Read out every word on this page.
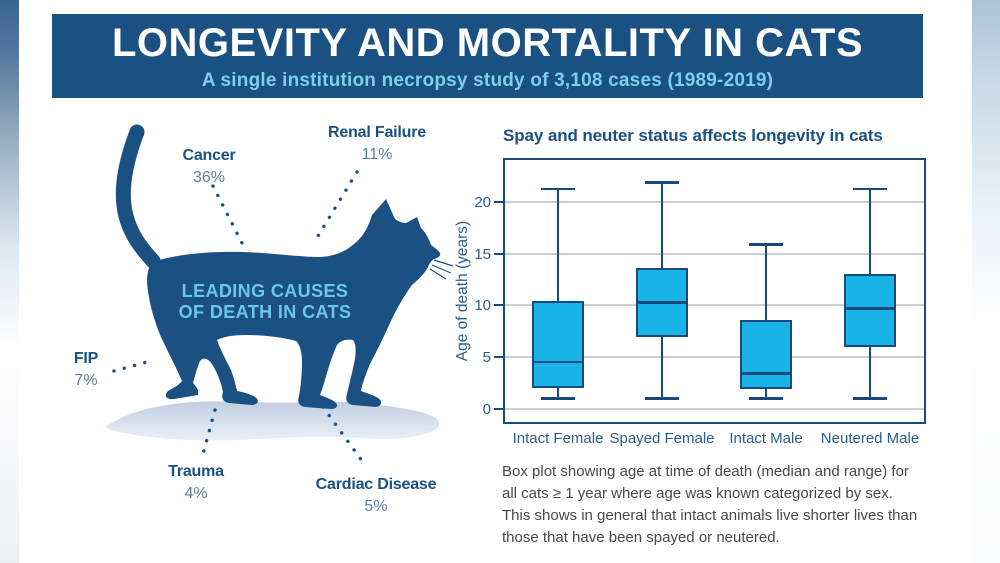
LONGEVITY AND MORTALITY IN CATS
A single institution necropsy study of 3,108 cases (1989-2019)
LEADING CAUSES
OF DEATH IN CATS
Cancer
36%
Renal Failure
11%
FIP
7%
Trauma
4%
Cardiac Disease
5%
Spay and neuter status affects longevity in cats
Age of death (years)
0
5
10
15
20
Intact Female Spayed Female Intact Male Neutered Male
Box plot showing age at time of death (median and range) for
all cats ≥ 1 year where age was known categorized by sex.
This shows in general that intact animals live shorter lives than
those that have been spayed or neutered.
